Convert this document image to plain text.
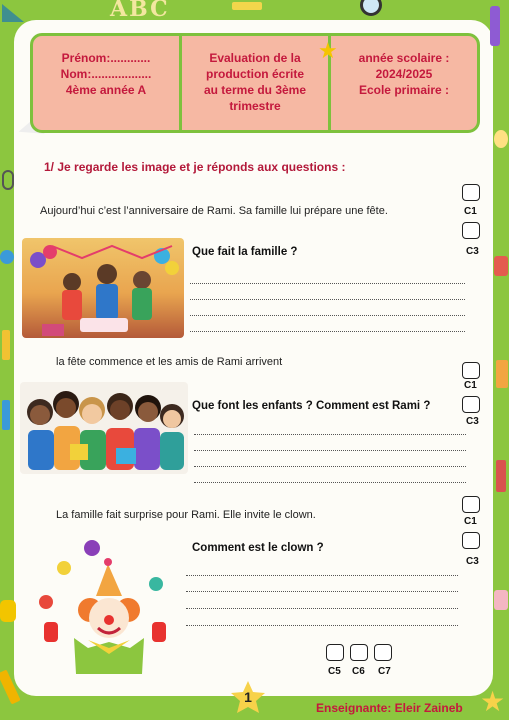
ABC
Prénom:............
Nom:..................
4ème année A
Evaluation de la
production écrite
au terme du 3ème trimestre
année scolaire :
2024/2025
Ecole primaire :
★
1/ Je regarde les image et je réponds aux questions :
Aujourd’hui c’est l’anniversaire de Rami. Sa famille lui prépare une fête.	C1
C3
Que fait la famille ?
la fête commence et les amis de Rami arrivent
C1
C3
Que font les enfants ? Comment est Rami ?
La famille fait surprise pour Rami. Elle invite le clown.
C1
C3
Comment est le clown ?
C5 C6 C7
1
Enseignante: Eleir Zaineb ★
